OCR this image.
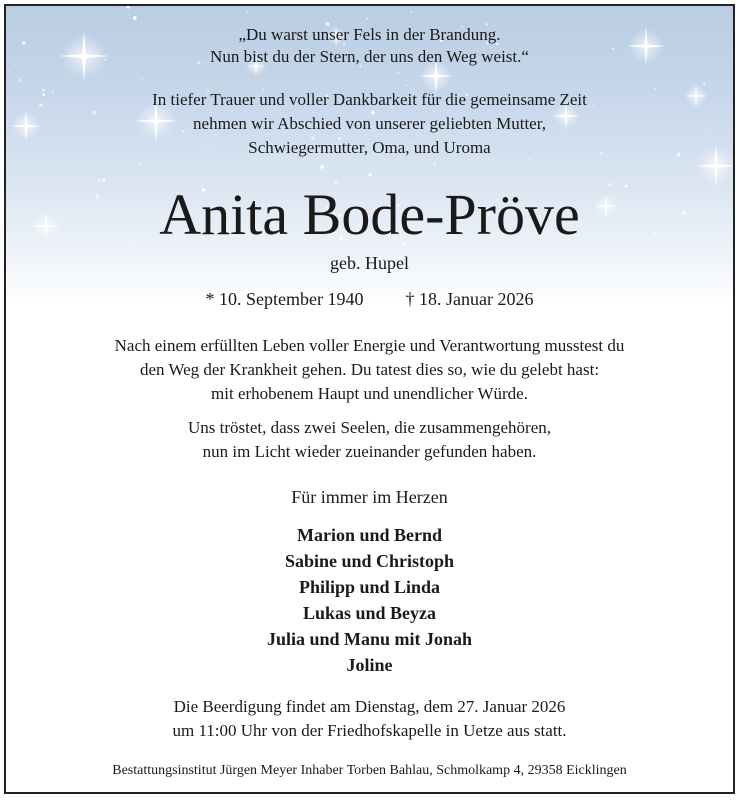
„Du warst unser Fels in der Brandung.
Nun bist du der Stern, der uns den Weg weist.“
In tiefer Trauer und voller Dankbarkeit für die gemeinsame Zeit
nehmen wir Abschied von unserer geliebten Mutter,
Schwiegermutter, Oma, und Uroma
Anita Bode-Pröve
geb. Hupel
* 10. September 1940 † 18. Januar 2026
Nach einem erfüllten Leben voller Energie und Verantwortung musstest du
den Weg der Krankheit gehen. Du tatest dies so, wie du gelebt hast:
mit erhobenem Haupt und unendlicher Würde.
Uns tröstet, dass zwei Seelen, die zusammengehören,
nun im Licht wieder zueinander gefunden haben.
Für immer im Herzen
Marion und Bernd
Sabine und Christoph
Philipp und Linda
Lukas und Beyza
Julia und Manu mit Jonah
Joline
Die Beerdigung findet am Dienstag, dem 27. Januar 2026
um 11:00 Uhr von der Friedhofskapelle in Uetze aus statt.
Bestattungsinstitut Jürgen Meyer Inhaber Torben Bahlau, Schmolkamp 4, 29358 Eicklingen
